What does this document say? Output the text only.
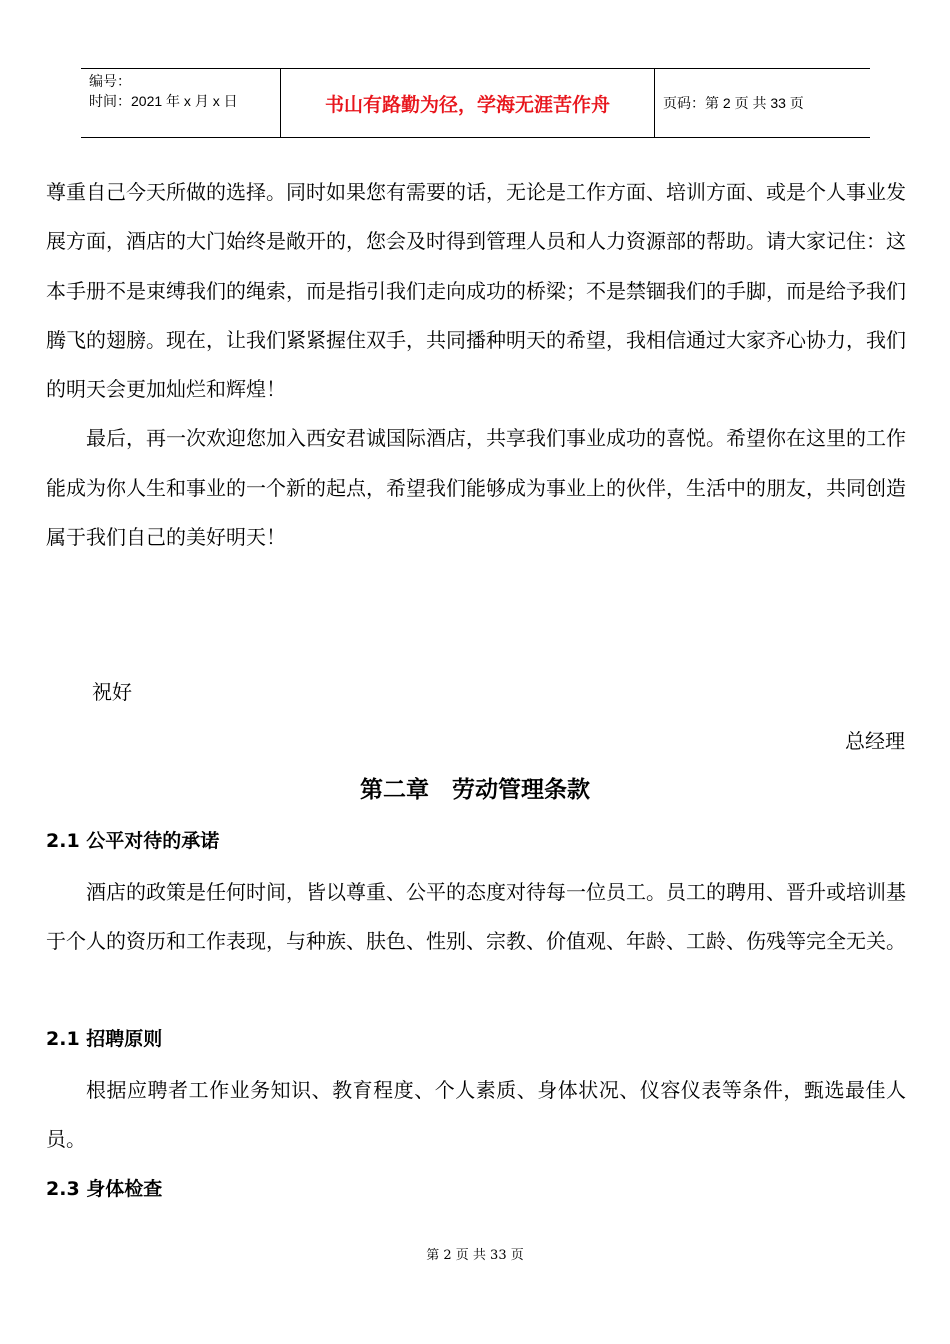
编号：
时间：2021 年 x 月 x 日	书山有路勤为径，学海无涯苦作舟	页码：第 2 页 共 33 页

尊重自己今天所做的选择。同时如果您有需要的话，无论是工作方面、培训方面、或是个人事业发展方面，酒店的大门始终是敞开的，您会及时得到管理人员和人力资源部的帮助。请大家记住：这本手册不是束缚我们的绳索，而是指引我们走向成功的桥梁；不是禁锢我们的手脚，而是给予我们腾飞的翅膀。现在，让我们紧紧握住双手，共同播种明天的希望，我相信通过大家齐心协力，我们的明天会更加灿烂和辉煌！

最后，再一次欢迎您加入西安君诚国际酒店，共享我们事业成功的喜悦。希望你在这里的工作能成为你人生和事业的一个新的起点，希望我们能够成为事业上的伙伴，生活中的朋友，共同创造属于我们自己的美好明天！

祝好

总经理

第二章　劳动管理条款
2.1 公平对待的承诺

酒店的政策是任何时间，皆以尊重、公平的态度对待每一位员工。员工的聘用、晋升或培训基于个人的资历和工作表现，与种族、肤色、性别、宗教、价值观、年龄、工龄、伤残等完全无关。

2.1 招聘原则

根据应聘者工作业务知识、教育程度、个人素质、身体状况、仪容仪表等条件，甄选最佳人员。

2.3 身体检查

第 2 页 共 33 页
